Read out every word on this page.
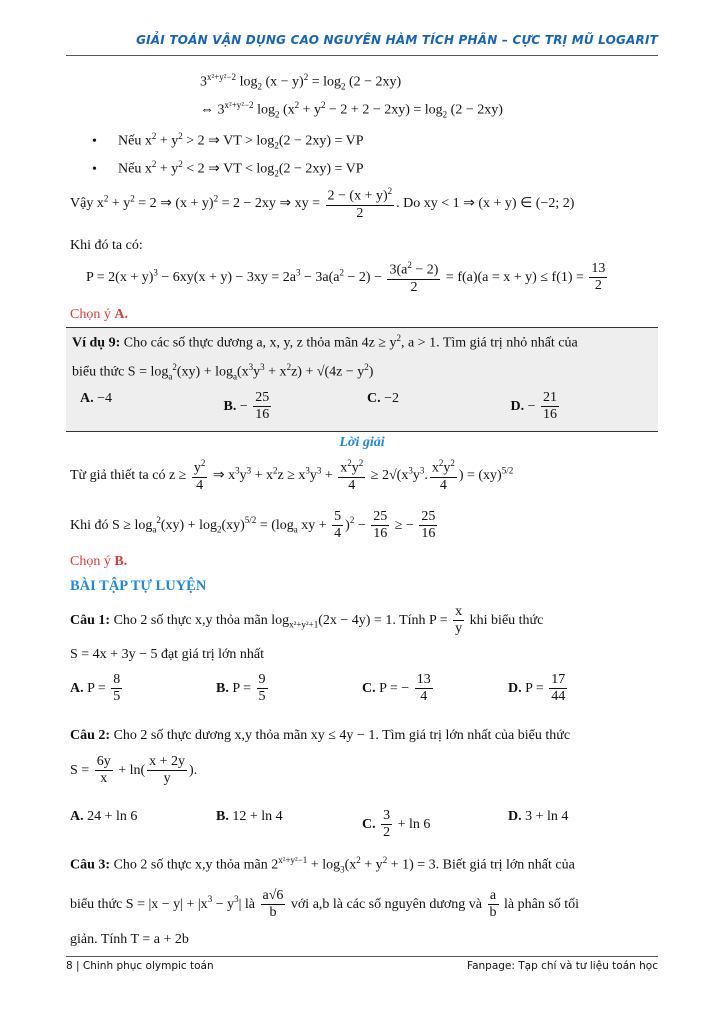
GIẢI TOÁN VẬN DỤNG CAO NGUYÊN HÀM TÍCH PHÂN – CỰC TRỊ MŨ LOGARIT
$3^{x^2+y^2-2}$ $\log_2 (x - y)^2 = \log_2 (2 - 2xy)$
⇔ $3^{x^2+y^2-2}$ $\log_2 (x^2 + y^2 - 2 + 2 - 2xy) = \log_2 (2 - 2xy)$
• Nếu $x^2 + y^2 > 2$ ⇒ VT > $\log_2(2 - 2xy)$ = VP
• Nếu $x^2 + y^2 < 2$ ⇒ VT < $\log_2(2 - 2xy)$ = VP
Vậy $x^2 + y^2 = 2$ ⇒ $(x + y)^2 = 2 - 2xy$ ⇒ xy = $\frac{2 - (x + y)^2}{2}$ . Do xy < 1 ⇒ (x + y) ∈ (−2; 2)
Khi đó ta có:
$P = 2(x + y)^3 - 6xy(x + y) - 3xy = 2a^3 - 3a(a^2 - 2) - \frac{3(a^2 - 2)}{2} = f(a)(a = x + y) \le f(1) = \frac{13}{2}$
Chọn ý A.
Ví dụ 9: Cho các số thực dương a, x, y, z thỏa mãn $4z \ge y^2$, a > 1. Tìm giá trị nhỏ nhất của
biểu thức $S = \log_a^2(xy) + \log_a(x^3y^3 + x^2z) + √(4z - y^2)$
A. −4
B. − $\frac{25}{16}$	C. −2
D. − $\frac{21}{16}$
Lời giải
Từ giả thiết ta có $z \ge \frac{y^2}{4}$ ⇒ $x^3y^3 + x^2z \ge x^3y^3 + \frac{x^2y^2}{4} \ge 2√(x^3y^3$. $\frac{x^2y^2}{4}$ ) = (xy)$^{5/2}$
Khi đó $S \ge \log_a^2(xy) + \log_2(xy)^{5/2} = (\log_a$ xy + $\frac{5}{4} )^2 - \frac{25}{16}$ ≥ − $\frac{25}{16}$
Chọn ý B.
BÀI TẬP TỰ LUYỆN
Câu 1: Cho 2 số thực x,y thỏa mãn $\log_{x^2+y^2+1}(2x - 4y) = 1$. Tính $P = \frac{x}{y}$ khi biểu thức
S = 4x + 3y − 5 đạt giá trị lớn nhất
A. $P = \frac{8}{5}$	B. $P = \frac{9}{5}$	C. P = − $\frac{13}{4}$	D. $P = \frac{17}{44}$
Câu 2: Cho 2 số thực dương x,y thỏa mãn xy ≤ 4y − 1. Tìm giá trị lớn nhất của biểu thức
$S = \frac{6y}{x} + \ln( \frac{x + 2y}{y}$ ).
A. 24 + ln 6	B. 12 + ln 4
C. $\frac{3}{2} + \ln 6$
D. 3 + ln 4
Câu 3: Cho 2 số thực x,y thỏa mãn $2^{x^2+y^2-1} + \log_3(x^2 + y^2 + 1) = 3$. Biết giá trị lớn nhất của
biểu thức $S = |x - y| + |x^3 - y^3|$ là $\frac{a√6}{b}$ với a,b là các số nguyên dương và $\frac{a}{b}$ là phân số tối
giản. Tính T = a + 2b
8 | Chinh phục olympic toán	Fanpage: Tạp chí và tư liệu toán học
